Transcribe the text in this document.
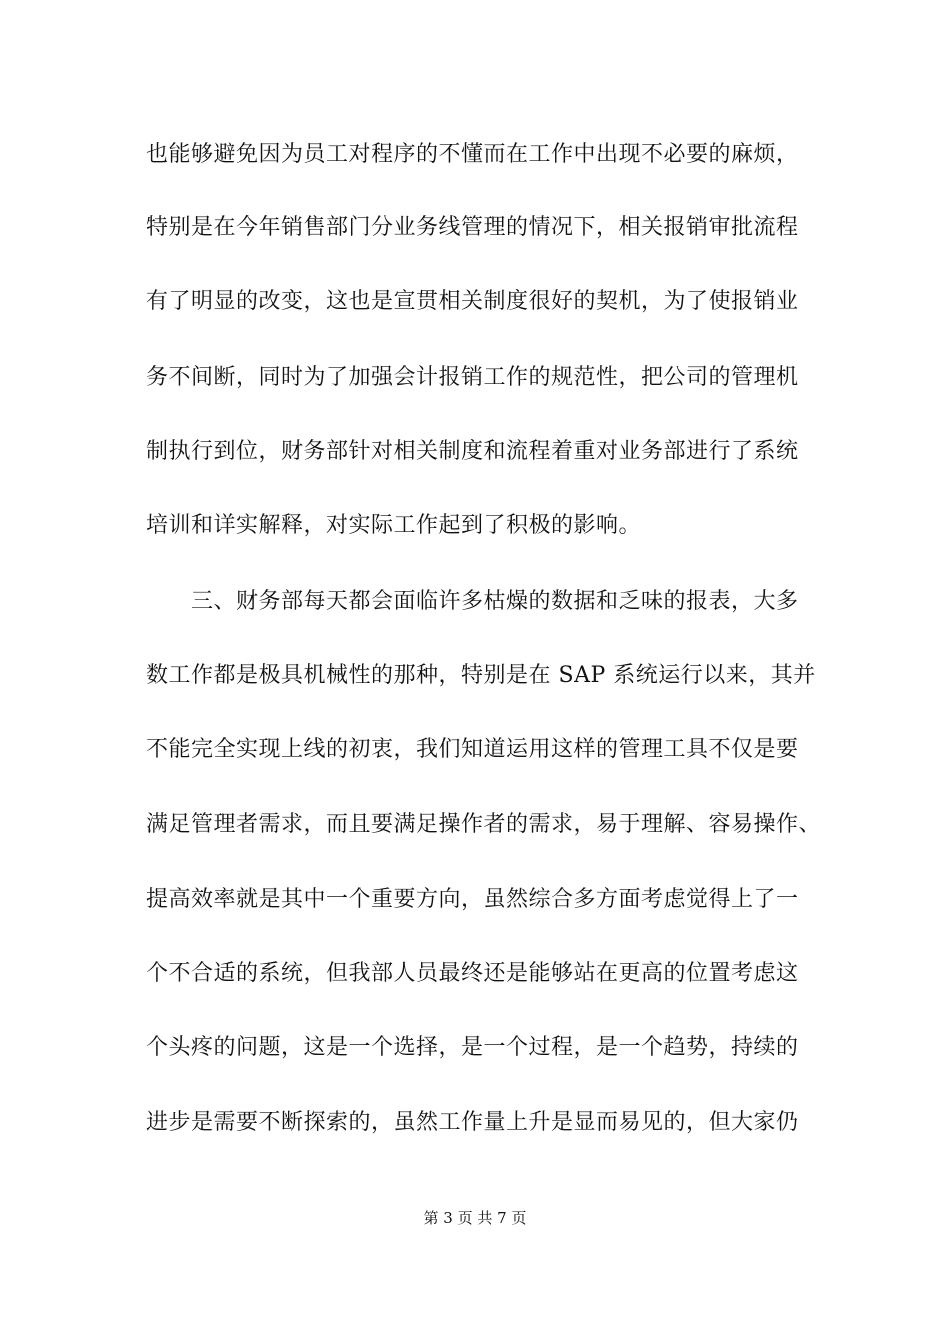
也能够避免因为员工对程序的不懂而在工作中出现不必要的麻烦，
特别是在今年销售部门分业务线管理的情况下，相关报销审批流程
有了明显的改变，这也是宣贯相关制度很好的契机，为了使报销业
务不间断，同时为了加强会计报销工作的规范性，把公司的管理机
制执行到位，财务部针对相关制度和流程着重对业务部进行了系统
培训和详实解释，对实际工作起到了积极的影响。
　　三、财务部每天都会面临许多枯燥的数据和乏味的报表，大多
数工作都是极具机械性的那种，特别是在 SAP 系统运行以来，其并
不能完全实现上线的初衷，我们知道运用这样的管理工具不仅是要
满足管理者需求，而且要满足操作者的需求，易于理解、容易操作、
提高效率就是其中一个重要方向，虽然综合多方面考虑觉得上了一
个不合适的系统，但我部人员最终还是能够站在更高的位置考虑这
个头疼的问题，这是一个选择，是一个过程，是一个趋势，持续的
进步是需要不断探索的，虽然工作量上升是显而易见的，但大家仍
第 3 页 共 7 页
